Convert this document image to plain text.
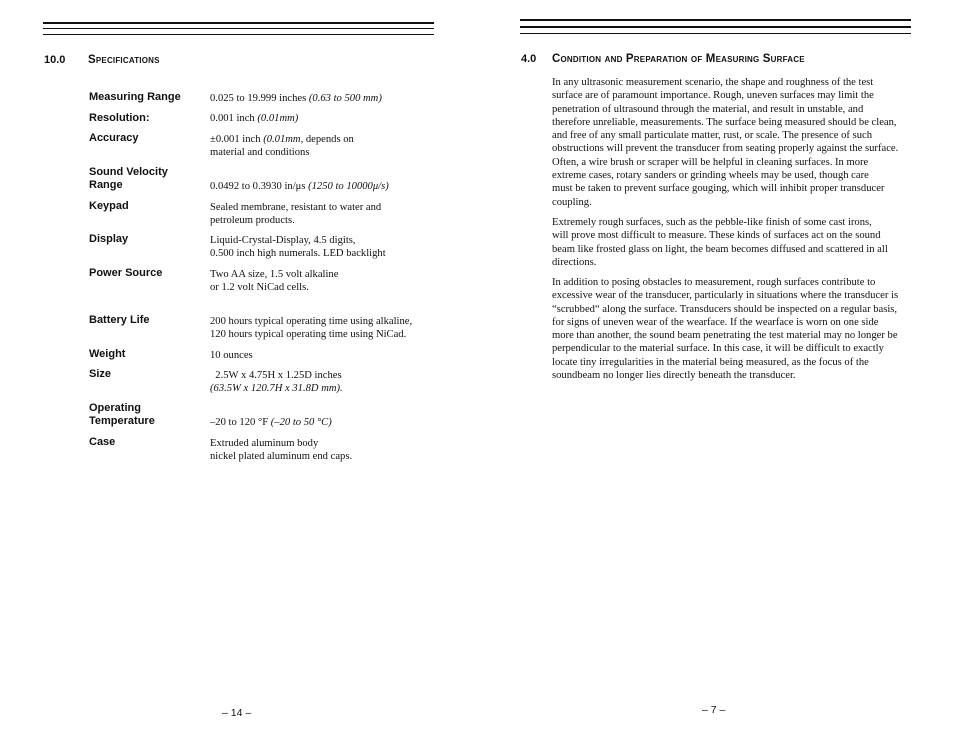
10.0 Specifications
Measuring Range	0.025 to 19.999 inches (0.63 to 500 mm)
Resolution:	0.001 inch (0.01mm)
Accuracy	±0.001 inch (0.01mm, depends on
material and conditions
Sound Velocity Range	0.0492 to 0.3930 in/μs (1250 to 10000μ/s)
Keypad	Sealed membrane, resistant to water and
petroleum products.
Display	Liquid-Crystal-Display, 4.5 digits,
0.500 inch high numerals. LED backlight
Power Source	Two AA size, 1.5 volt alkaline
or 1.2 volt NiCad cells.
Battery Life	200 hours typical operating time using alkaline,
120 hours typical operating time using NiCad.
Weight	10 ounces
Size	2.5W x 4.75H x 1.25D inches
(63.5W x 120.7H x 31.8D mm).
Operating Temperature	–20 to 120 °F (–20 to 50 °C)
Case	Extruded aluminum body
nickel plated aluminum end caps.
– 14 –
4.0 Condition and Preparation of Measuring Surface
In any ultrasonic measurement scenario, the shape and roughness of the test
surface are of paramount importance. Rough, uneven surfaces may limit the
penetration of ultrasound through the material, and result in unstable, and
therefore unreliable, measurements. The surface being measured should be clean,
and free of any small particulate matter, rust, or scale. The presence of such
obstructions will prevent the transducer from seating properly against the surface.
Often, a wire brush or scraper will be helpful in cleaning surfaces. In more
extreme cases, rotary sanders or grinding wheels may be used, though care
must be taken to prevent surface gouging, which will inhibit proper transducer
coupling.
Extremely rough surfaces, such as the pebble-like finish of some cast irons,
will prove most difficult to measure. These kinds of surfaces act on the sound
beam like frosted glass on light, the beam becomes diffused and scattered in all
directions.
In addition to posing obstacles to measurement, rough surfaces contribute to
excessive wear of the transducer, particularly in situations where the transducer is
“scrubbed“ along the surface. Transducers should be inspected on a regular basis,
for signs of uneven wear of the wearface. If the wearface is worn on one side
more than another, the sound beam penetrating the test material may no longer be
perpendicular to the material surface. In this case, it will be difficult to exactly
locate tiny irregularities in the material being measured, as the focus of the
soundbeam no longer lies directly beneath the transducer.
– 7 –
